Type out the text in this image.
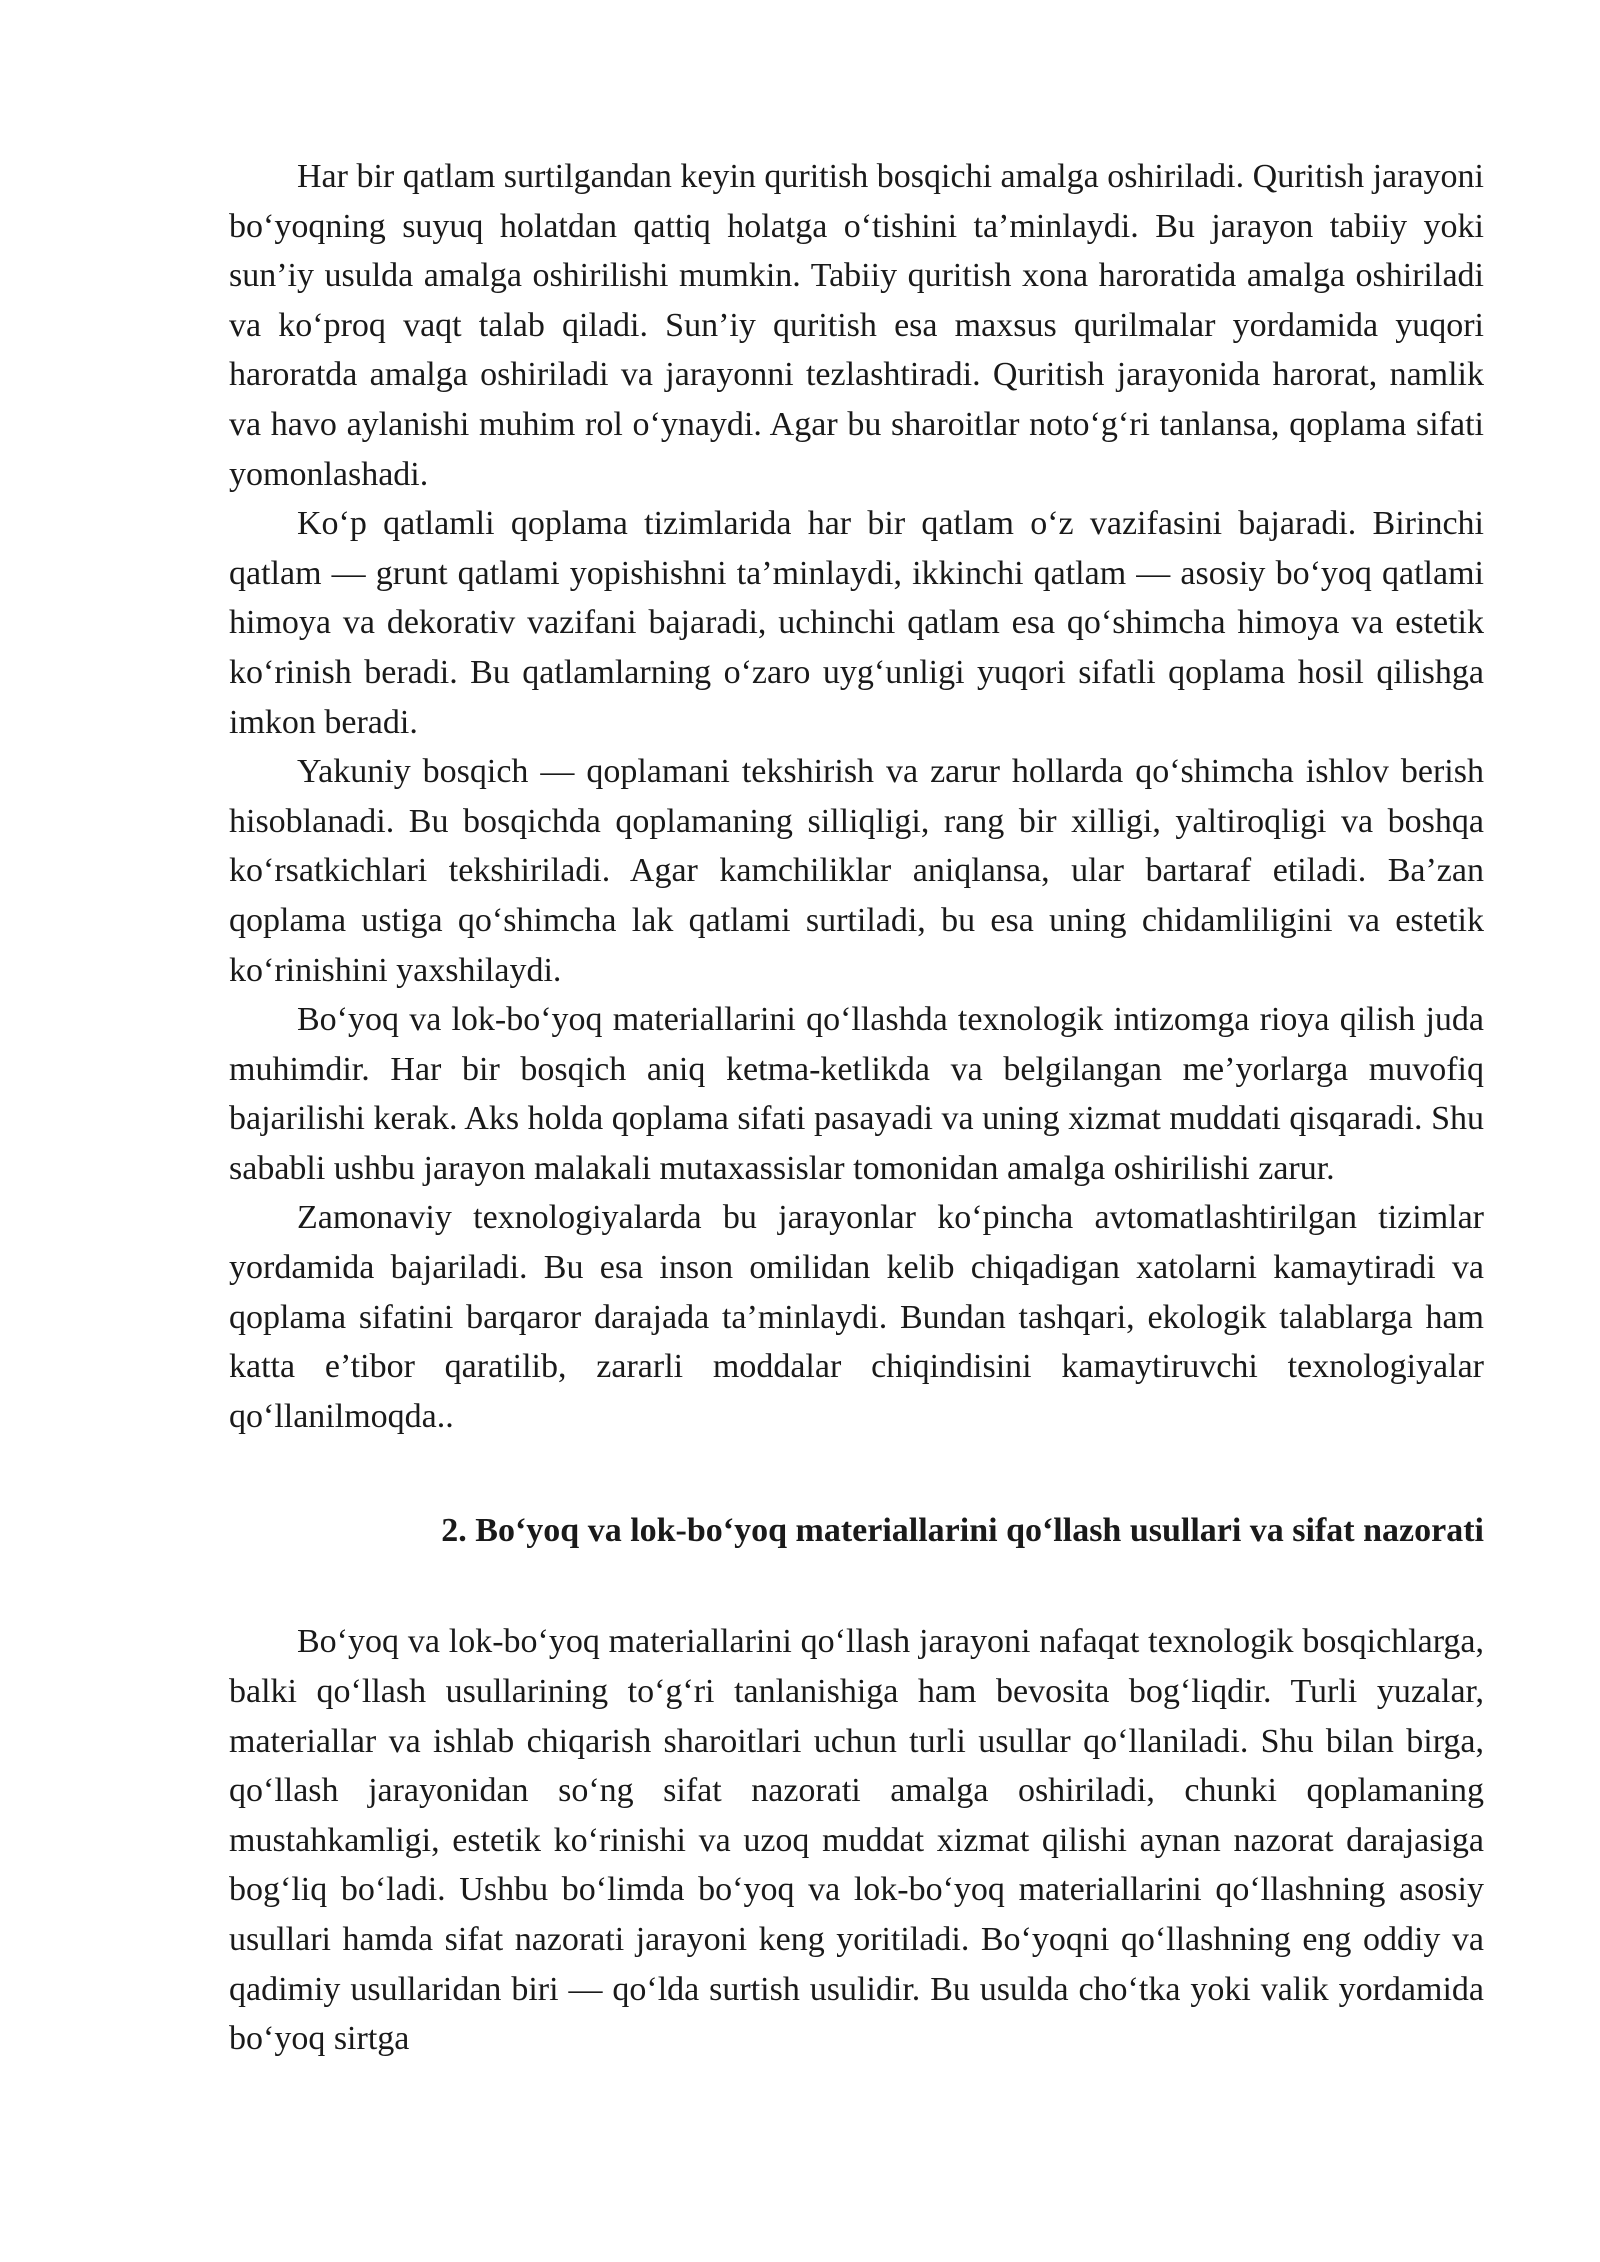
Har bir qatlam surtilgandan keyin quritish bosqichi amalga oshiriladi. Quritish jarayoni bo‘yoqning suyuq holatdan qattiq holatga o‘tishini ta’minlaydi. Bu jarayon tabiiy yoki sun’iy usulda amalga oshirilishi mumkin. Tabiiy quritish xona haroratida amalga oshiriladi va ko‘proq vaqt talab qiladi. Sun’iy quritish esa maxsus qurilmalar yordamida yuqori haroratda amalga oshiriladi va jarayonni tezlashtiradi. Quritish jarayonida harorat, namlik va havo aylanishi muhim rol o‘ynaydi. Agar bu sharoitlar noto‘g‘ri tanlansa, qoplama sifati yomonlashadi.

Ko‘p qatlamli qoplama tizimlarida har bir qatlam o‘z vazifasini bajaradi. Birinchi qatlam — grunt qatlami yopishishni ta’minlaydi, ikkinchi qatlam — asosiy bo‘yoq qatlami himoya va dekorativ vazifani bajaradi, uchinchi qatlam esa qo‘shimcha himoya va estetik ko‘rinish beradi. Bu qatlamlarning o‘zaro uyg‘unligi yuqori sifatli qoplama hosil qilishga imkon beradi.

Yakuniy bosqich — qoplamani tekshirish va zarur hollarda qo‘shimcha ishlov berish hisoblanadi. Bu bosqichda qoplamaning silliqligi, rang bir xilligi, yaltiroqligi va boshqa ko‘rsatkichlari tekshiriladi. Agar kamchiliklar aniqlansa, ular bartaraf etiladi. Ba’zan qoplama ustiga qo‘shimcha lak qatlami surtiladi, bu esa uning chidamliligini va estetik ko‘rinishini yaxshilaydi.

Bo‘yoq va lok-bo‘yoq materiallarini qo‘llashda texnologik intizomga rioya qilish juda muhimdir. Har bir bosqich aniq ketma-ketlikda va belgilangan me’yorlarga muvofiq bajarilishi kerak. Aks holda qoplama sifati pasayadi va uning xizmat muddati qisqaradi. Shu sababli ushbu jarayon malakali mutaxassislar tomonidan amalga oshirilishi zarur.

Zamonaviy texnologiyalarda bu jarayonlar ko‘pincha avtomatlashtirilgan tizimlar yordamida bajariladi. Bu esa inson omilidan kelib chiqadigan xatolarni kamaytiradi va qoplama sifatini barqaror darajada ta’minlaydi. Bundan tashqari, ekologik talablarga ham katta e’tibor qaratilib, zararli moddalar chiqindisini kamaytiruvchi texnologiyalar qo‘llanilmoqda..

2. Bo‘yoq va lok-bo‘yoq materiallarini qo‘llash usullari va sifat nazorati

Bo‘yoq va lok-bo‘yoq materiallarini qo‘llash jarayoni nafaqat texnologik bosqichlarga, balki qo‘llash usullarining to‘g‘ri tanlanishiga ham bevosita bog‘liqdir. Turli yuzalar, materiallar va ishlab chiqarish sharoitlari uchun turli usullar qo‘llaniladi. Shu bilan birga, qo‘llash jarayonidan so‘ng sifat nazorati amalga oshiriladi, chunki qoplamaning mustahkamligi, estetik ko‘rinishi va uzoq muddat xizmat qilishi aynan nazorat darajasiga bog‘liq bo‘ladi. Ushbu bo‘limda bo‘yoq va lok-bo‘yoq materiallarini qo‘llashning asosiy usullari hamda sifat nazorati jarayoni keng yoritiladi. Bo‘yoqni qo‘llashning eng oddiy va qadimiy usullaridan biri — qo‘lda surtish usulidir. Bu usulda cho‘tka yoki valik yordamida bo‘yoq sirtga
